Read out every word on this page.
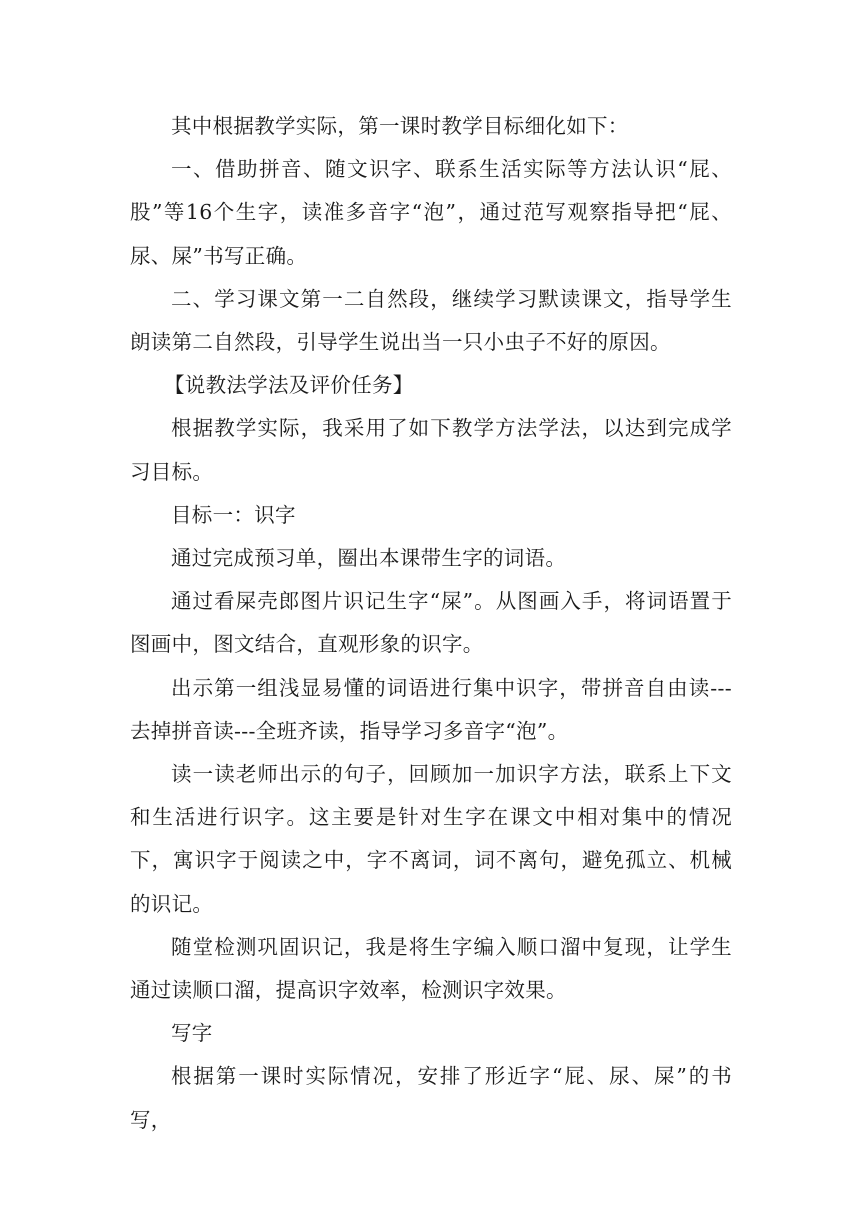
其中根据教学实际，第一课时教学目标细化如下：

一、借助拼音、随文识字、联系生活实际等方法认识“屁、股”等16个生字，读准多音字“泡”，通过范写观察指导把“屁、尿、屎”书写正确。

二、学习课文第一二自然段，继续学习默读课文，指导学生朗读第二自然段，引导学生说出当一只小虫子不好的原因。

【说教法学法及评价任务】

根据教学实际，我采用了如下教学方法学法，以达到完成学习目标。

目标一：识字

通过完成预习单，圈出本课带生字的词语。

通过看屎壳郎图片识记生字“屎”。从图画入手，将词语置于图画中，图文结合，直观形象的识字。

出示第一组浅显易懂的词语进行集中识字，带拼音自由读---去掉拼音读---全班齐读，指导学习多音字“泡”。

读一读老师出示的句子，回顾加一加识字方法，联系上下文和生活进行识字。这主要是针对生字在课文中相对集中的情况下，寓识字于阅读之中，字不离词，词不离句，避免孤立、机械的识记。

随堂检测巩固识记，我是将生字编入顺口溜中复现，让学生通过读顺口溜，提高识字效率，检测识字效果。

写字

根据第一课时实际情况，安排了形近字“屁、尿、屎”的书写，
